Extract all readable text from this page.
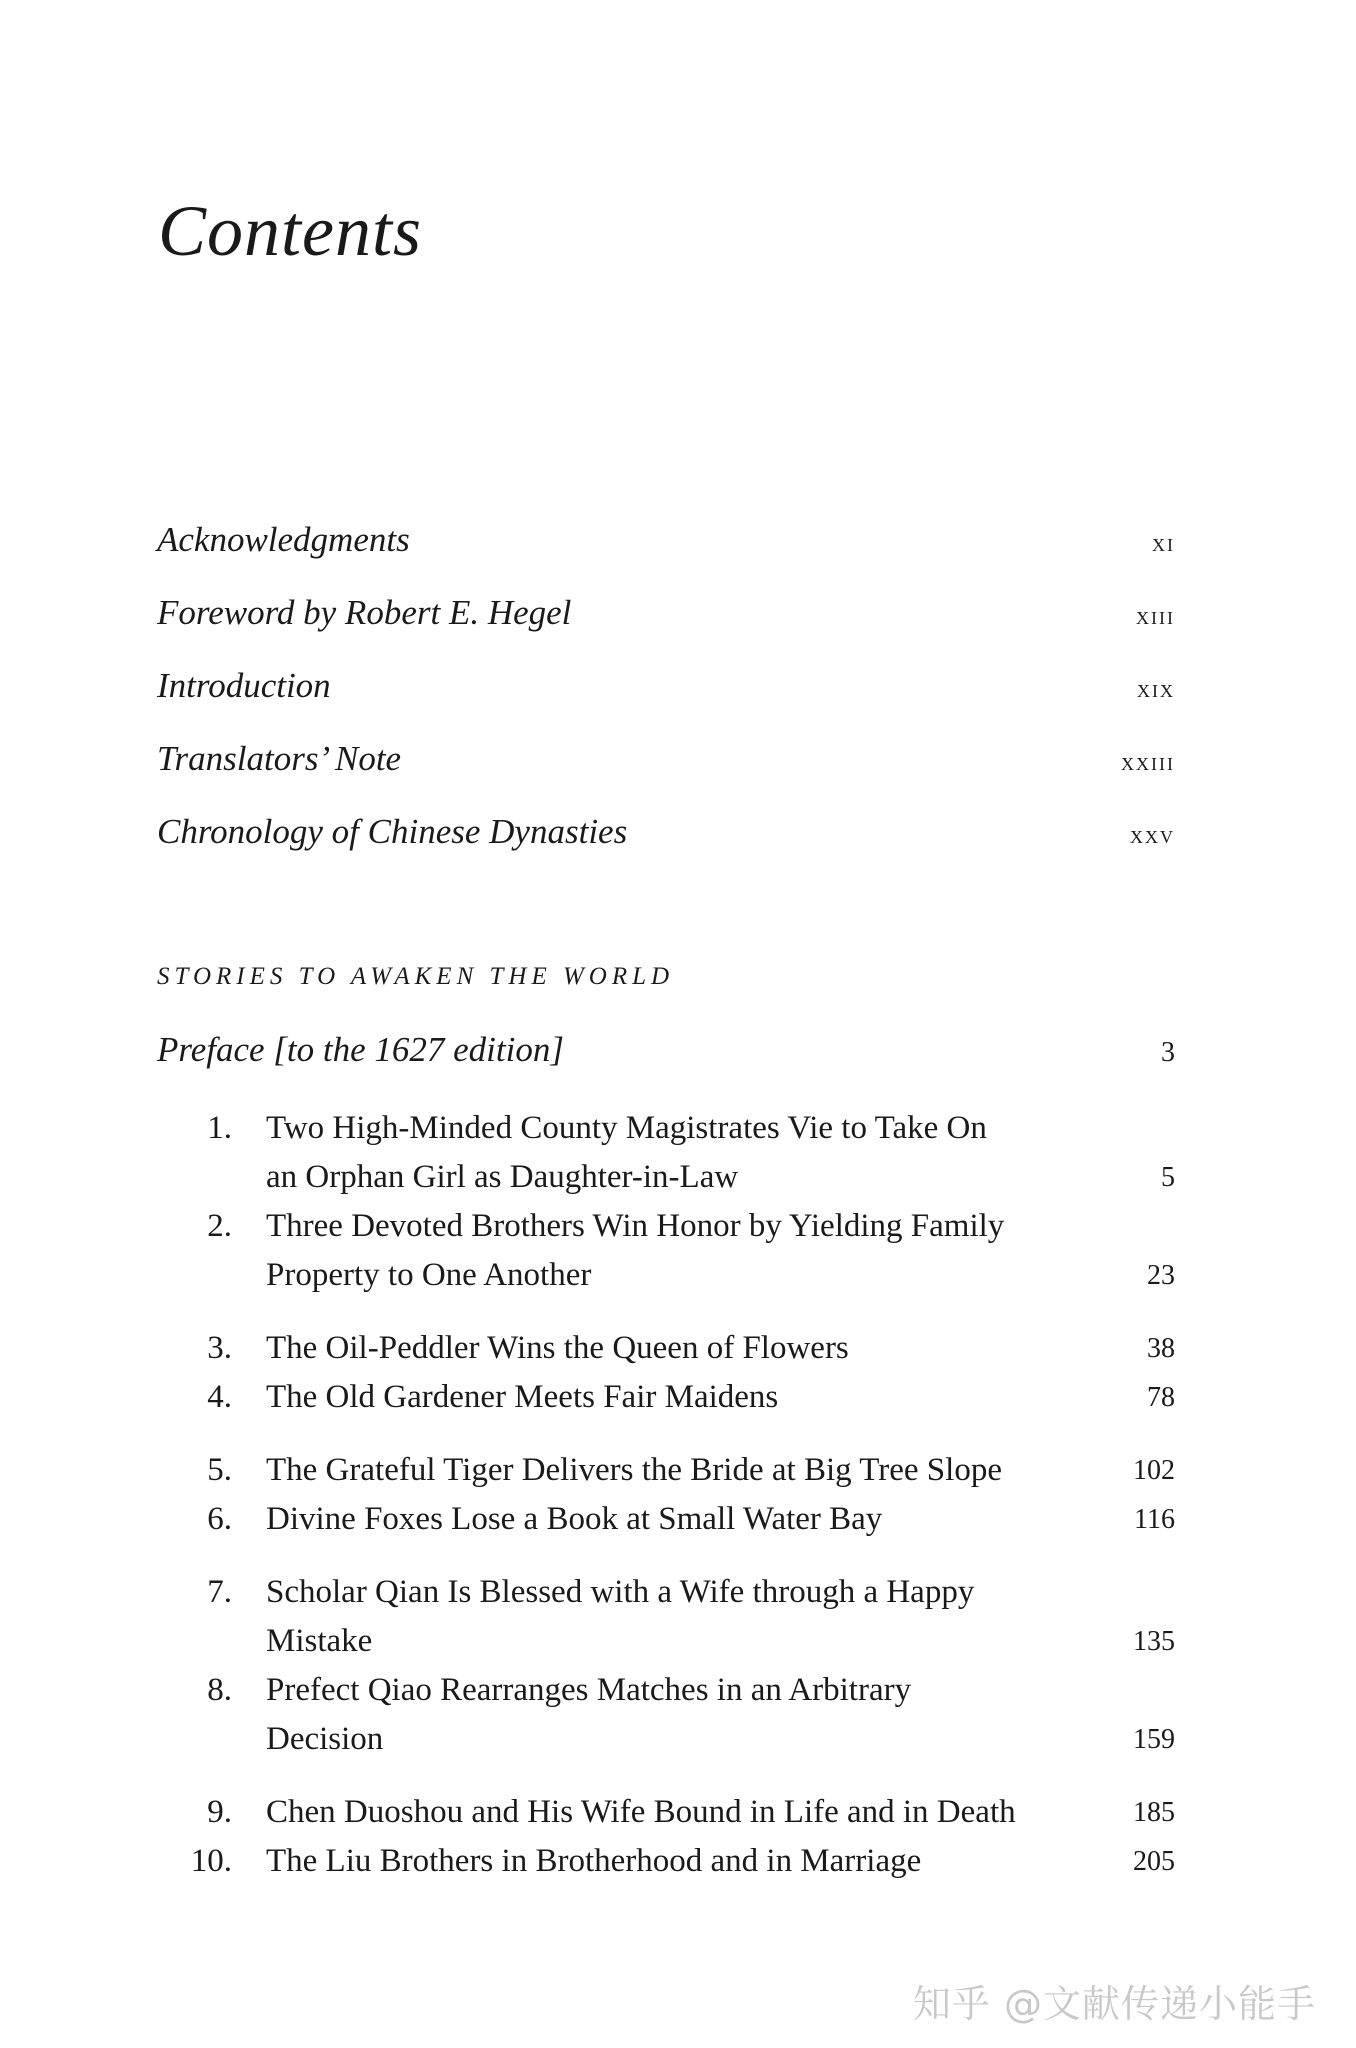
Contents
Acknowledgments	xi
Foreword by Robert E. Hegel	xiii
Introduction	xix
Translators’ Note	xxiii
Chronology of Chinese Dynasties	xxv
STORIES TO AWAKEN THE WORLD
Preface [to the 1627 edition]	3
1. Two High-Minded County Magistrates Vie to Take On an Orphan Girl as Daughter-in-Law	5
2. Three Devoted Brothers Win Honor by Yielding Family Property to One Another	23
3. The Oil-Peddler Wins the Queen of Flowers	38
4. The Old Gardener Meets Fair Maidens	78
5. The Grateful Tiger Delivers the Bride at Big Tree Slope	102
6. Divine Foxes Lose a Book at Small Water Bay	116
7. Scholar Qian Is Blessed with a Wife through a Happy Mistake	135
8. Prefect Qiao Rearranges Matches in an Arbitrary Decision	159
9. Chen Duoshou and His Wife Bound in Life and in Death	185
10. The Liu Brothers in Brotherhood and in Marriage	205
知乎 @文献传递小能手
